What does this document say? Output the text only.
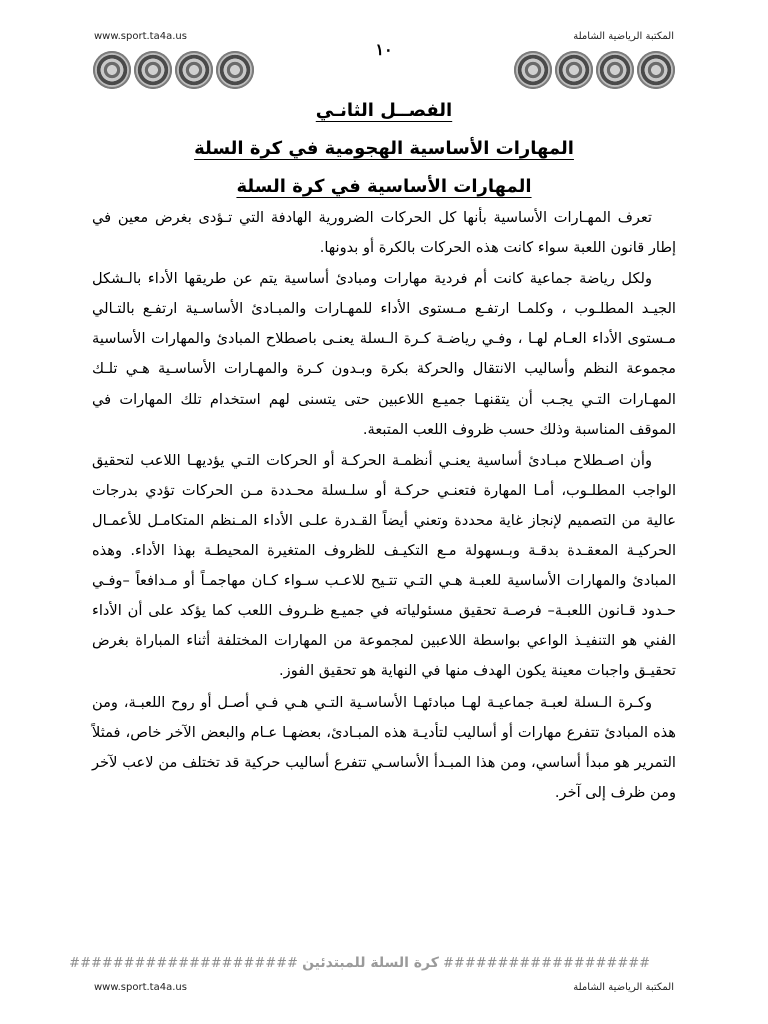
www.sport.ta4a.us	المكتبة الرياضية الشاملة
١٠
الفصــل الثانـي
المهارات الأساسية الهجومية في كرة السلة
المهارات الأساسية في كرة السلة

تعرف المهـارات الأساسية بأنها كل الحركات الضرورية الهادفة التي تـؤدى بغرض معين في إطار قانون اللعبة سواء كانت هذه الحركات بالكرة أو بدونها.

ولكل رياضة جماعية كانت أم فردية مهارات ومبادئ أساسية يتم عن طريقها الأداء بالـشكل الجيـد المطلـوب ، وكلمـا ارتفـع مـستوى الأداء للمهـارات والمبـادئ الأساسـية ارتفـع بالتـالي مـستوى الأداء العـام لهـا ، وفـي رياضـة كـرة الـسلة يعنـى باصطلاح المبادئ والمهارات الأساسية مجموعة النظم وأساليب الانتقال والحركة بكرة وبـدون كـرة والمهـارات الأساسـية هـي تلـك المهـارات التـي يجـب أن يتقنهـا جميـع اللاعبين حتى يتسنى لهم استخدام تلك المهارات في الموقف المناسبة وذلك حسب ظروف اللعب المتبعة.

وأن اصـطلاح مبـادئ أساسية يعنـي أنظمـة الحركـة أو الحركات التـي يؤديهـا اللاعب لتحقيق الواجب المطلـوب، أمـا المهارة فتعنـي حركـة أو سلـسلة محـددة مـن الحركات تؤدي بدرجات عالية من التصميم لإنجاز غاية محددة وتعني أيضاً القـدرة علـى الأداء المـنظم المتكامـل للأعمـال الحركيـة المعقـدة بدقـة وبـسهولة مـع التكيـف للظروف المتغيرة المحيطـة بهذا الأداء. وهذه المبادئ والمهارات الأساسية للعبـة هـي التـي تتـيح للاعـب سـواء كـان مهاجمـاً أو مـدافعاً –وفـي حـدود قـانون اللعبـة– فرصـة تحقيق مسئولياته في جميـع ظـروف اللعب كما يؤكد على أن الأداء الفني هو التنفيـذ الواعي بواسطة اللاعبين لمجموعة من المهارات المختلفة أثناء المباراة بغرض تحقيـق واجبات معينة يكون الهدف منها في النهاية هو تحقيق الفوز.

وكـرة الـسلة لعبـة جماعيـة لهـا مبادئهـا الأساسـية التـي هـي فـي أصـل أو روح اللعبـة، ومن هذه المبادئ تتفرع مهارات أو أساليب لتأديـة هذه المبـادئ، بعضهـا عـام والبعض الآخر خاص، فمثلاً التمرير هو مبدأ أساسي، ومن هذا المبـدأ الأساسـي تتفرع أساليب حركية قد تختلف من لاعب لآخر ومن ظرف إلى آخر.

################### كرة السلة للمبتدئين #####################
www.sport.ta4a.us	المكتبة الرياضية الشاملة
